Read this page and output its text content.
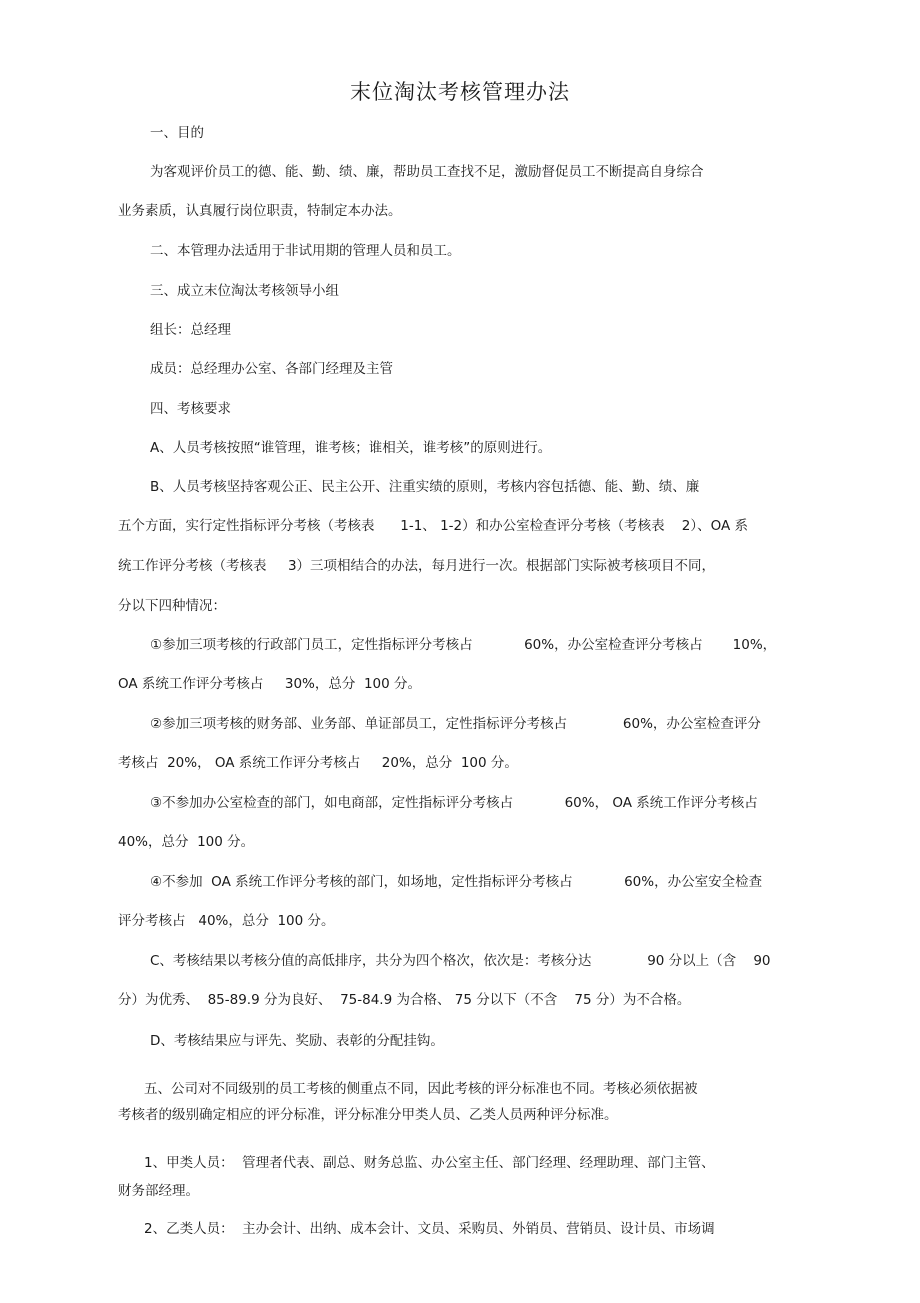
末位淘汰考核管理办法
一、目的
为客观评价员工的德、能、勤、绩、廉，帮助员工查找不足，激励督促员工不断提高自身综合
业务素质，认真履行岗位职责，特制定本办法。
二、本管理办法适用于非试用期的管理人员和员工。
三、成立末位淘汰考核领导小组
组长：总经理
成员：总经理办公室、各部门经理及主管
四、考核要求
A、人员考核按照“谁管理，谁考核；谁相关，谁考核”的原则进行。
B、人员考核坚持客观公正、民主公开、注重实绩的原则，考核内容包括德、能、勤、绩、廉
五个方面，实行定性指标评分考核（考核表      1-1、 1-2）和办公室检查评分考核（考核表    2）、OA 系
统工作评分考核（考核表     3）三项相结合的办法，每月进行一次。根据部门实际被考核项目不同，
分以下四种情况：
①参加三项考核的行政部门员工，定性指标评分考核占            60%，办公室检查评分考核占       10%，
OA 系统工作评分考核占     30%，总分  100 分。
②参加三项考核的财务部、业务部、单证部员工，定性指标评分考核占             60%，办公室检查评分
考核占  20%， OA 系统工作评分考核占     20%，总分  100 分。
③不参加办公室检查的部门，如电商部，定性指标评分考核占            60%， OA 系统工作评分考核占
40%，总分  100 分。
④不参加  OA 系统工作评分考核的部门，如场地，定性指标评分考核占            60%，办公室安全检查
评分考核占   40%，总分  100 分。
C、考核结果以考核分值的高低排序，共分为四个格次，依次是：考核分达             90 分以上（含    90
分）为优秀、  85-89.9 分为良好、  75-84.9 为合格、 75 分以下（不含    75 分）为不合格。
D、考核结果应与评先、奖励、表彰的分配挂钩。
五、公司对不同级别的员工考核的侧重点不同，因此考核的评分标准也不同。考核必须依据被
考核者的级别确定相应的评分标准，评分标准分甲类人员、乙类人员两种评分标准。
1、甲类人员：  管理者代表、副总、财务总监、办公室主任、部门经理、经理助理、部门主管、
财务部经理。
2、乙类人员：  主办会计、出纳、成本会计、文员、采购员、外销员、营销员、设计员、市场调
